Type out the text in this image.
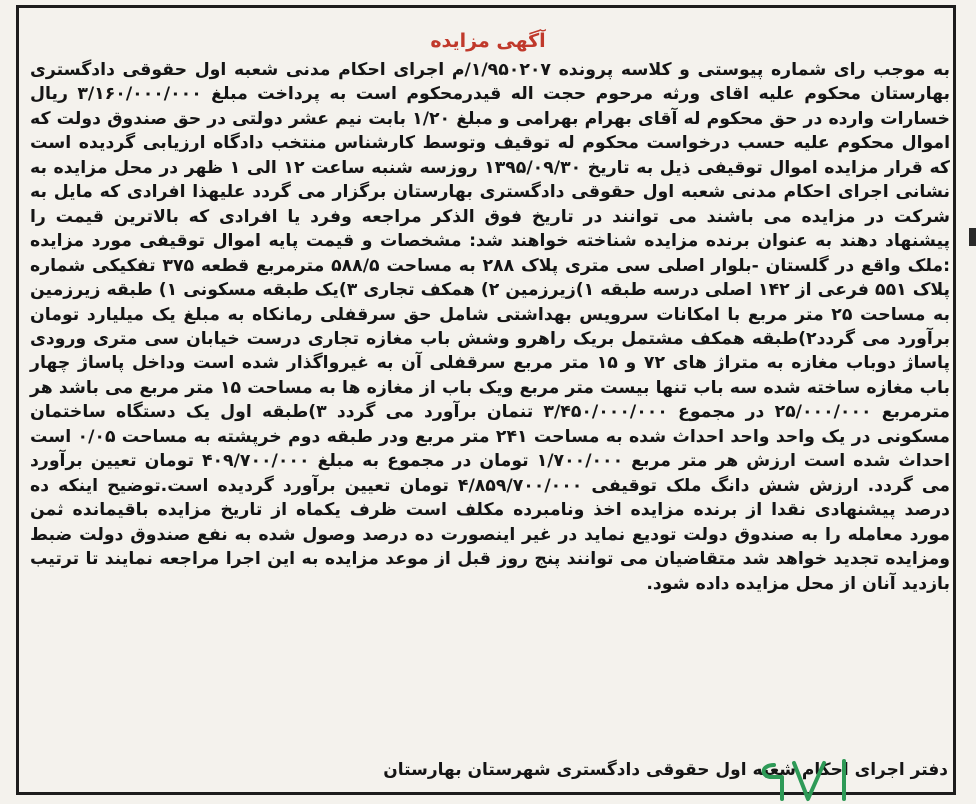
آگهی مزایده

به موجب رای شماره پیوستی و کلاسه پرونده ۱/۹۵۰۲۰۷/م اجرای احکام مدنی شعبه اول حقوقی دادگستری بهارستان محکوم علیه اقای ورثه مرحوم حجت اله قیدرمحکوم است به پرداخت مبلغ ۳/۱۶۰/۰۰۰/۰۰۰ ریال خسارات وارده در حق محکوم له آقای بهرام بهرامی و مبلغ ۱/۲۰ بابت نیم عشر دولتی در حق صندوق دولت که اموال محکوم علیه حسب درخواست محکوم له توقیف وتوسط کارشناس منتخب دادگاه ارزیابی گردیده است که قرار مزایده اموال توقیفی ذیل به تاریخ ۱۳۹۵/۰۹/۳۰ روزسه شنبه ساعت ۱۲ الی ۱ ظهر در محل مزایده به نشانی اجرای احکام مدنی شعبه اول حقوقی دادگستری بهارستان برگزار می گردد علیهذا افرادی که مایل به شرکت در مزایده می باشند می توانند در تاریخ فوق الذکر مراجعه وفرد یا افرادی که بالاترین قیمت را پیشنهاد دهند به عنوان برنده مزایده شناخته خواهند شد: مشخصات و قیمت پایه اموال توقیفی مورد مزایده :ملک واقع در گلستان -بلوار اصلی سی متری پلاک ۲۸۸ به مساحت ۵۸۸/۵ مترمربع قطعه ۳۷۵ تفکیکی شماره پلاک ۵۵۱ فرعی از ۱۴۲ اصلی درسه طبقه ۱)زیرزمین ۲) همکف تجاری ۳)یک طبقه مسکونی ۱) طبقه زیرزمین به مساحت ۲۵ متر مربع با امکانات سرویس بهداشتی شامل حق سرقفلی رمانکاه به مبلغ یک میلیارد تومان برآورد می گردد۲)طبقه همکف مشتمل بریک راهرو وشش باب مغازه تجاری درست خیابان سی متری ورودی پاساژ دوباب مغازه به متراژ های ۷۲ و ۱۵ متر مربع سرقفلی آن به غیرواگذار شده است وداخل پاساژ چهار باب مغازه ساخته شده سه باب تنها بیست متر مربع ویک باب از مغازه ها به مساحت ۱۵ متر مربع می باشد هر مترمربع ۲۵/۰۰۰/۰۰۰ در مجموع ۳/۴۵۰/۰۰۰/۰۰۰ تنمان برآورد می گردد ۳)طبقه اول یک دستگاه ساختمان مسکونی در یک واحد واحد احداث شده به مساحت ۲۴۱ متر مربع ودر طبقه دوم خرپشته به مساحت ۰/۰۵ است احداث شده است ارزش هر متر مربع ۱/۷۰۰/۰۰۰ تومان در مجموع به مبلغ ۴۰۹/۷۰۰/۰۰۰ تومان تعیین برآورد می گردد. ارزش شش دانگ ملک توقیفی ۴/۸۵۹/۷۰۰/۰۰۰ تومان تعیین برآورد گردیده است.توضیح اینکه ده درصد پیشنهادی نقدا از برنده مزایده اخذ ونامبرده مکلف است ظرف یکماه از تاریخ مزایده باقیمانده ثمن مورد معامله را به صندوق دولت تودیع نماید در غیر اینصورت ده درصد وصول شده به نفع صندوق دولت ضبط ومزایده تجدید خواهد شد متقاضیان می توانند پنج روز قبل از موعد مزایده به این اجرا مراجعه نمایند تا ترتیب بازدید آنان از محل مزایده داده شود.

دفتر اجرای احکام شعبه اول حقوقی دادگستری شهرستان بهارستان
